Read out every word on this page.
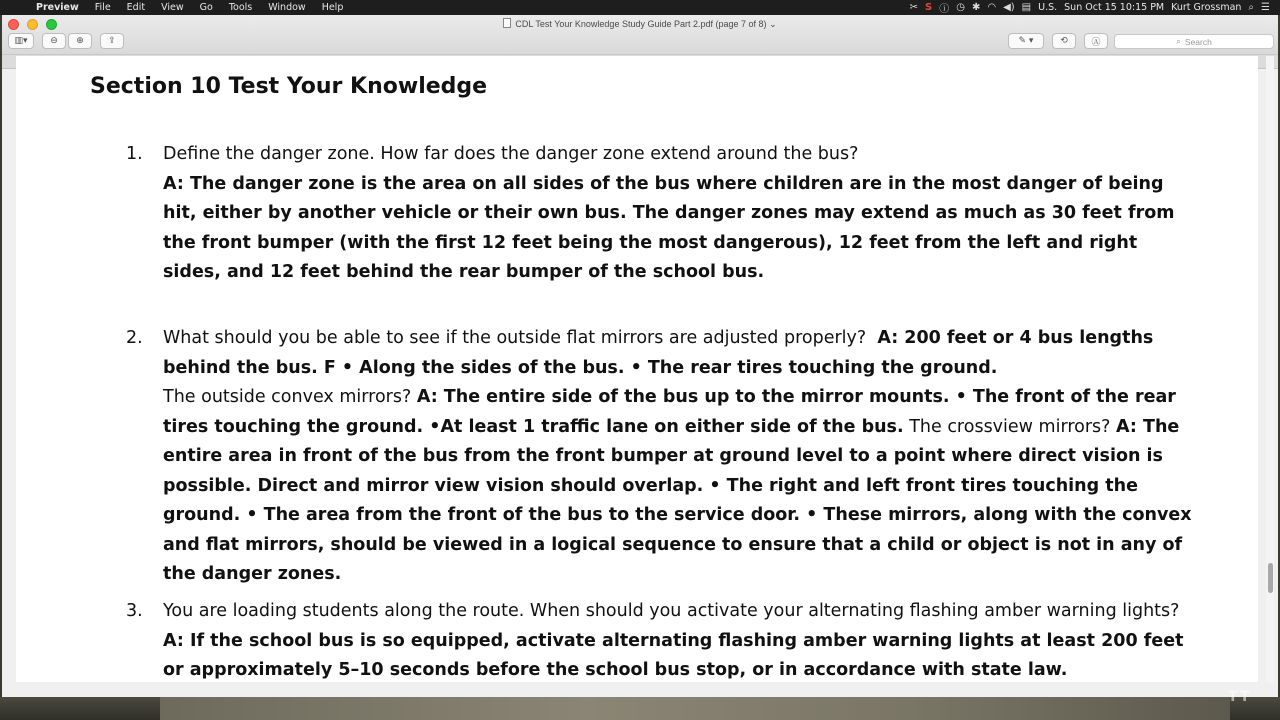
Preview	File	Edit	View	Go	Tools	Window	Help	✂ S ⓘ ◷ ✱ ◠ ◀) ▤ U.S. Sun Oct 15 10:15 PM Kurt Grossman ⌕ ☰
CDL Test Your Knowledge Study Guide Part 2.pdf (page 7 of 8) ⌄
▥▾	⊖	⊕	⇪	✎ ▾	⟲	Ⓐ	⌕ Search
Section 10 Test Your Knowledge
1. Define the danger zone. How far does the danger zone extend around the bus?
A: The danger zone is the area on all sides of the bus where children are in the most danger of being hit, either by another vehicle or their own bus. The danger zones may extend as much as 30 feet from the front bumper (with the first 12 feet being the most dangerous), 12 feet from the left and right sides, and 12 feet behind the rear bumper of the school bus.
2. What should you be able to see if the outside flat mirrors are adjusted properly? A: 200 feet or 4 bus lengths behind the bus. F • Along the sides of the bus. • The rear tires touching the ground.
The outside convex mirrors? A: The entire side of the bus up to the mirror mounts. • The front of the rear tires touching the ground. •At least 1 traffic lane on either side of the bus. The crossview mirrors? A: The entire area in front of the bus from the front bumper at ground level to a point where direct vision is possible. Direct and mirror view vision should overlap. • The right and left front tires touching the ground. • The area from the front of the bus to the service door. • These mirrors, along with the convex and flat mirrors, should be viewed in a logical sequence to ensure that a child or object is not in any of the danger zones.
3. You are loading students along the route. When should you activate your alternating flashing amber warning lights?
A: If the school bus is so equipped, activate alternating flashing amber warning lights at least 200 feet or approximately 5–10 seconds before the school bus stop, or in accordance with state law.
TT
